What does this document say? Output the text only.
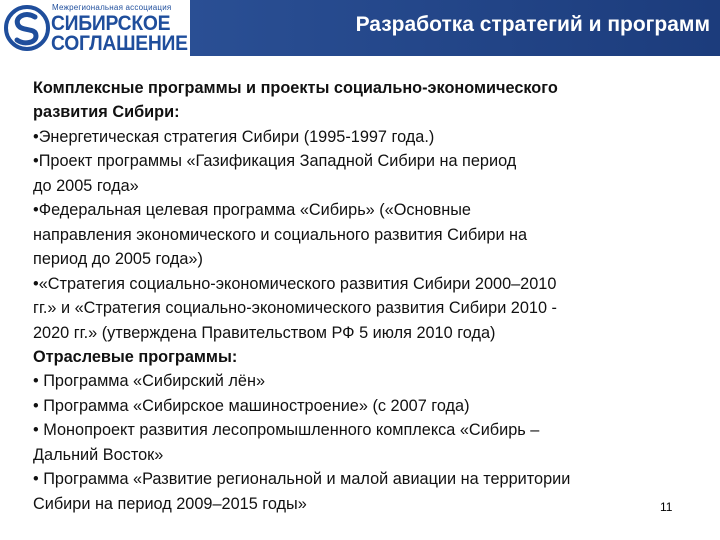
Межрегиональная ассоциация
СИБИРСКОЕ
СОГЛАШЕНИЕ
Разработка стратегий и программ
Комплексные программы и проекты социально-экономического
развития Сибири:
•Энергетическая стратегия Сибири (1995-1997 года.)
•Проект программы «Газификация Западной Сибири на период
до 2005 года»
•Федеральная целевая программа «Сибирь» («Основные
направления экономического и социального развития Сибири на
период до 2005 года»)
•«Стратегия социально-экономического развития Сибири 2000–2010
гг.» и «Стратегия социально-экономического развития Сибири 2010 -
2020 гг.» (утверждена Правительством РФ 5 июля 2010 года)
Отраслевые программы:
• Программа «Сибирский лён»
• Программа «Сибирское машиностроение» (с 2007 года)
• Монопроект развития лесопромышленного комплекса «Сибирь –
Дальний Восток»
• Программа «Развитие региональной и малой авиации на территории
Сибири на период 2009–2015 годы»	11
